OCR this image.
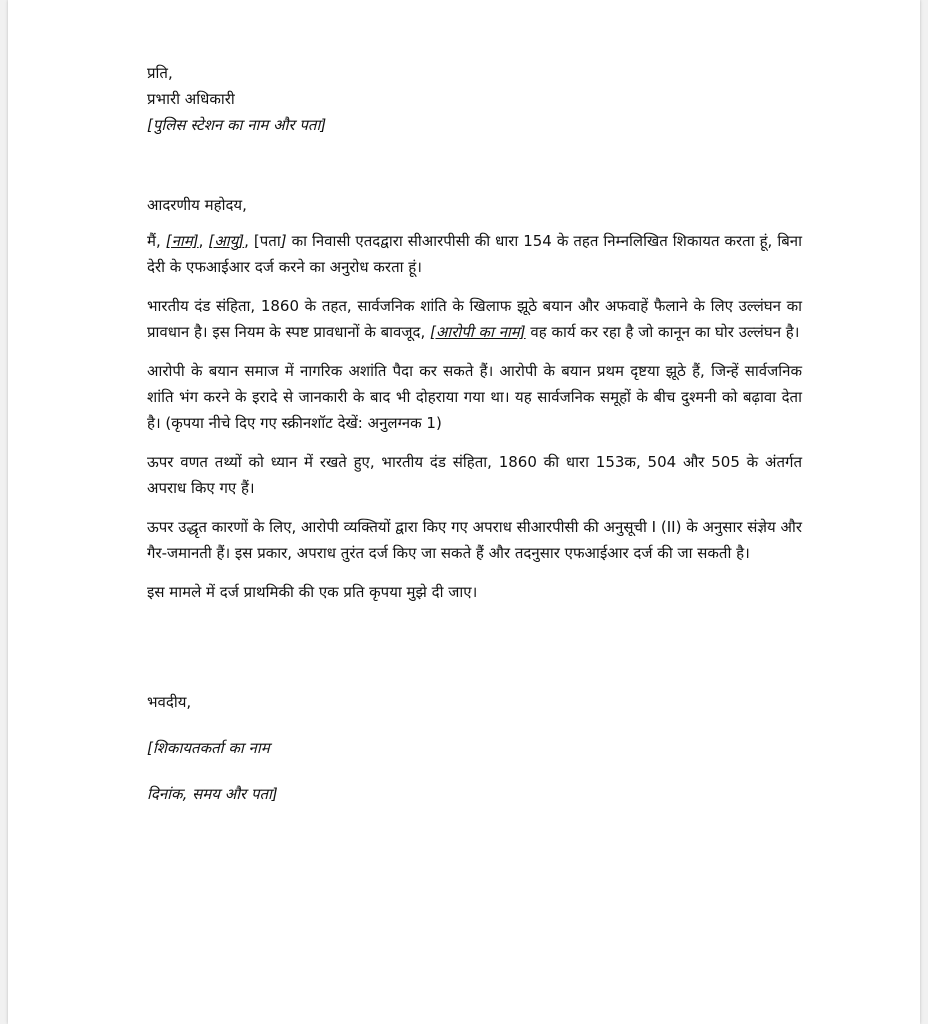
प्रति,
प्रभारी अधिकारी
[पुलिस स्टेशन का नाम और पता]
आदरणीय महोदय,

मैं, [नाम], [आयु], [पता] का निवासी एतदद्वारा सीआरपीसी की धारा 154 के तहत निम्नलिखित शिकायत करता हूं, बिना देरी के एफआईआर दर्ज करने का अनुरोध करता हूं।

भारतीय दंड संहिता, 1860 के तहत, सार्वजनिक शांति के खिलाफ झूठे बयान और अफवाहें फैलाने के लिए उल्लंघन का प्रावधान है। इस नियम के स्पष्ट प्रावधानों के बावजूद, [आरोपी का नाम] वह कार्य कर रहा है जो कानून का घोर उल्लंघन है।

आरोपी के बयान समाज में नागरिक अशांति पैदा कर सकते हैं। आरोपी के बयान प्रथम दृष्टया झूठे हैं, जिन्हें सार्वजनिक शांति भंग करने के इरादे से जानकारी के बाद भी दोहराया गया था। यह सार्वजनिक समूहों के बीच दुश्मनी को बढ़ावा देता है। (कृपया नीचे दिए गए स्क्रीनशॉट देखें: अनुलग्नक 1)

ऊपर वणत तथ्यों को ध्यान में रखते हुए, भारतीय दंड संहिता, 1860 की धारा 153क, 504 और 505 के अंतर्गत अपराध किए गए हैं।

ऊपर उद्धृत कारणों के लिए, आरोपी व्यक्तियों द्वारा किए गए अपराध सीआरपीसी की अनुसूची I (II) के अनुसार संज्ञेय और गैर-जमानती हैं। इस प्रकार, अपराध तुरंत दर्ज किए जा सकते हैं और तदनुसार एफआईआर दर्ज की जा सकती है।

इस मामले में दर्ज प्राथमिकी की एक प्रति कृपया मुझे दी जाए।

भवदीय,
[शिकायतकर्ता का नाम
दिनांक, समय और पता]
